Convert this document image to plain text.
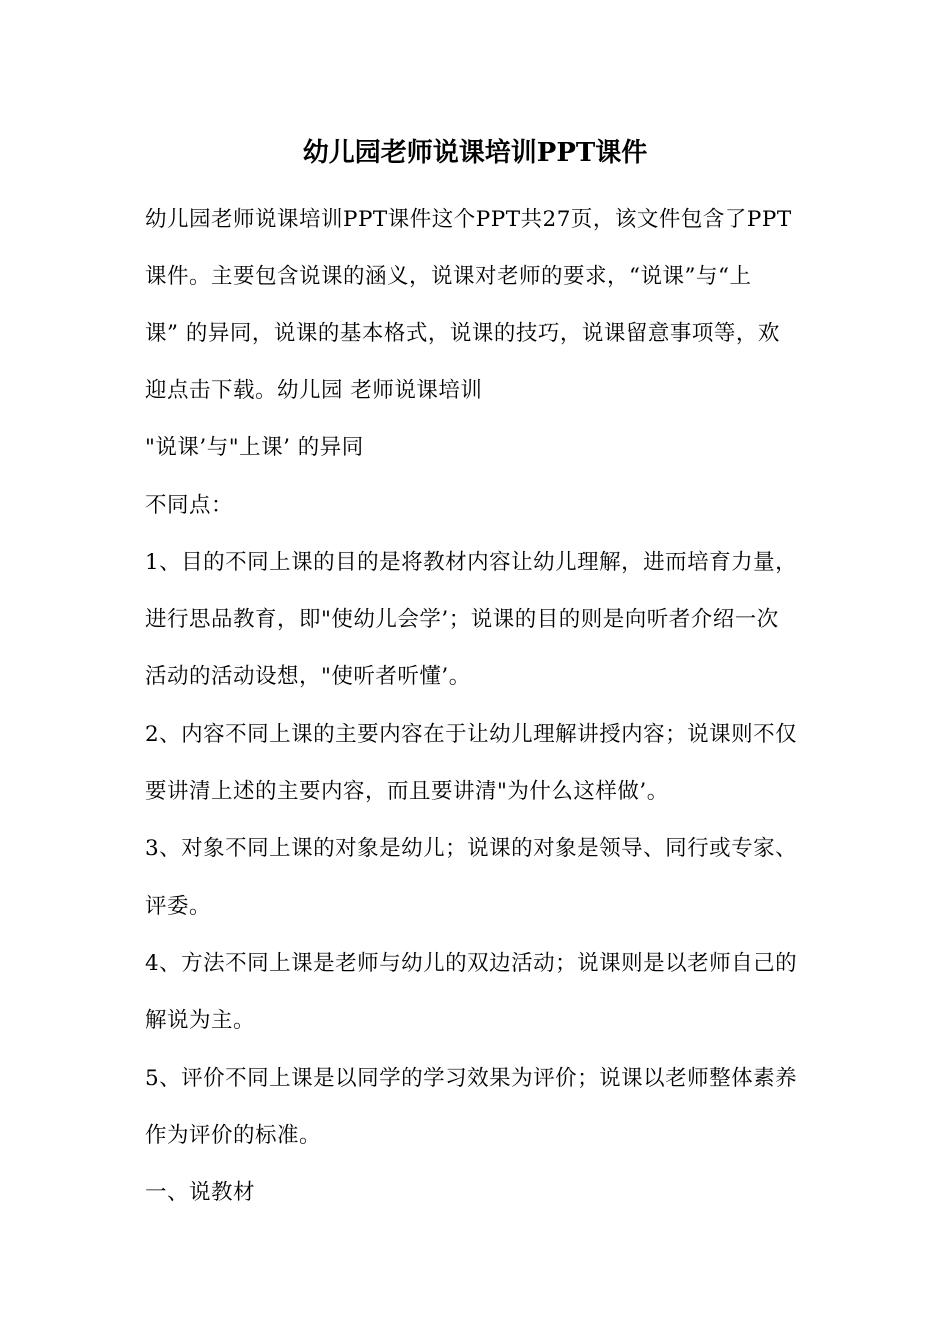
幼儿园老师说课培训PPT课件
幼儿园老师说课培训PPT课件这个PPT共27页，该文件包含了PPT
课件。主要包含说课的涵义，说课对老师的要求，“说课”与“上
课” 的异同，说课的基本格式，说课的技巧，说课留意事项等，欢
迎点击下载。幼儿园 老师说课培训
"说课’与"上课’ 的异同
不同点：
1、目的不同上课的目的是将教材内容让幼儿理解，进而培育力量，
进行思品教育，即"使幼儿会学’；说课的目的则是向听者介绍一次
活动的活动设想，"使听者听懂’。
2、内容不同上课的主要内容在于让幼儿理解讲授内容；说课则不仅
要讲清上述的主要内容，而且要讲清"为什么这样做’。
3、对象不同上课的对象是幼儿；说课的对象是领导、同行或专家、
评委。
4、方法不同上课是老师与幼儿的双边活动；说课则是以老师自己的
解说为主。
5、评价不同上课是以同学的学习效果为评价；说课以老师整体素养
作为评价的标准。
一、说教材
